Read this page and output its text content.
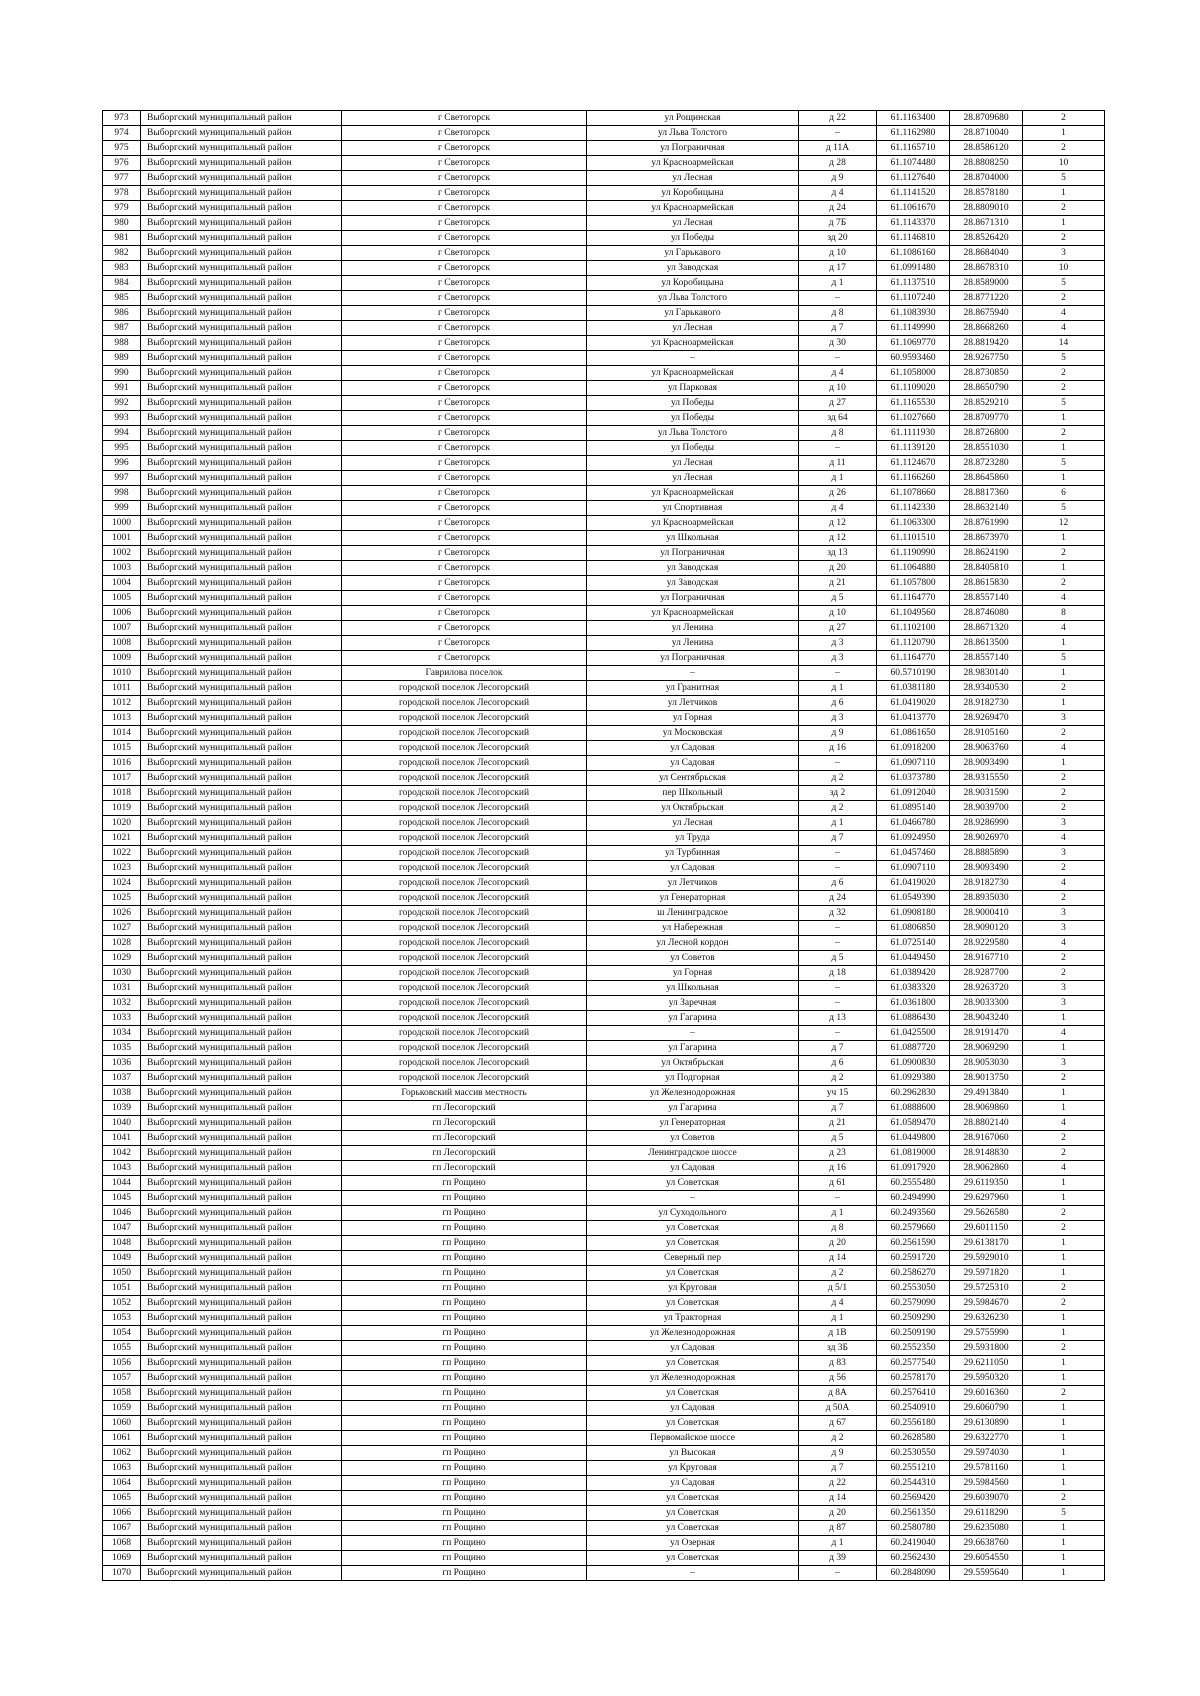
973	Выборгский муниципальный район	г Светогорск	ул Рощинская	д 22	61.1163400	28.8709680	2
974	Выборгский муниципальный район	г Светогорск	ул Льва Толстого	–	61.1162980	28.8710040	1
975	Выборгский муниципальный район	г Светогорск	ул Пограничная	д 11А	61.1165710	28.8586120	2
976	Выборгский муниципальный район	г Светогорск	ул Красноармейская	д 28	61.1074480	28.8808250	10
977	Выборгский муниципальный район	г Светогорск	ул Лесная	д 9	61.1127640	28.8704000	5
978	Выборгский муниципальный район	г Светогорск	ул Коробицына	д 4	61.1141520	28.8578180	1
979	Выборгский муниципальный район	г Светогорск	ул Красноармейская	д 24	61.1061670	28.8809010	2
980	Выборгский муниципальный район	г Светогорск	ул Лесная	д 7Б	61.1143370	28.8671310	1
981	Выборгский муниципальный район	г Светогорск	ул Победы	зд 20	61.1146810	28.8526420	2
982	Выборгский муниципальный район	г Светогорск	ул Гарькавого	д 10	61.1086160	28.8684040	3
983	Выборгский муниципальный район	г Светогорск	ул Заводская	д 17	61.0991480	28.8678310	10
984	Выборгский муниципальный район	г Светогорск	ул Коробицына	д 1	61.1137510	28.8589000	5
985	Выборгский муниципальный район	г Светогорск	ул Льва Толстого	–	61.1107240	28.8771220	2
986	Выборгский муниципальный район	г Светогорск	ул Гарькавого	д 8	61.1083930	28.8675940	4
987	Выборгский муниципальный район	г Светогорск	ул Лесная	д 7	61.1149990	28.8668260	4
988	Выборгский муниципальный район	г Светогорск	ул Красноармейская	д 30	61.1069770	28.8819420	14
989	Выборгский муниципальный район	г Светогорск	–	–	60.9593460	28.9267750	5
990	Выборгский муниципальный район	г Светогорск	ул Красноармейская	д 4	61.1058000	28.8730850	2
991	Выборгский муниципальный район	г Светогорск	ул Парковая	д 10	61.1109020	28.8650790	2
992	Выборгский муниципальный район	г Светогорск	ул Победы	д 27	61.1165530	28.8529210	5
993	Выборгский муниципальный район	г Светогорск	ул Победы	зд 64	61.1027660	28.8709770	1
994	Выборгский муниципальный район	г Светогорск	ул Льва Толстого	д 8	61.1111930	28.8726800	2
995	Выборгский муниципальный район	г Светогорск	ул Победы	–	61.1139120	28.8551030	1
996	Выборгский муниципальный район	г Светогорск	ул Лесная	д 11	61.1124670	28.8723280	5
997	Выборгский муниципальный район	г Светогорск	ул Лесная	д 1	61.1166260	28.8645860	1
998	Выборгский муниципальный район	г Светогорск	ул Красноармейская	д 26	61.1078660	28.8817360	6
999	Выборгский муниципальный район	г Светогорск	ул Спортивная	д 4	61.1142330	28.8632140	5
1000	Выборгский муниципальный район	г Светогорск	ул Красноармейская	д 12	61.1063300	28.8761990	12
1001	Выборгский муниципальный район	г Светогорск	ул Школьная	д 12	61.1101510	28.8673970	1
1002	Выборгский муниципальный район	г Светогорск	ул Пограничная	зд 13	61.1190990	28.8624190	2
1003	Выборгский муниципальный район	г Светогорск	ул Заводская	д 20	61.1064880	28.8405810	1
1004	Выборгский муниципальный район	г Светогорск	ул Заводская	д 21	61.1057800	28.8615830	2
1005	Выборгский муниципальный район	г Светогорск	ул Пограничная	д 5	61.1164770	28.8557140	4
1006	Выборгский муниципальный район	г Светогорск	ул Красноармейская	д 10	61.1049560	28.8746080	8
1007	Выборгский муниципальный район	г Светогорск	ул Ленина	д 27	61.1102100	28.8671320	4
1008	Выборгский муниципальный район	г Светогорск	ул Ленина	д 3	61.1120790	28.8613500	1
1009	Выборгский муниципальный район	г Светогорск	ул Пограничная	д 3	61.1164770	28.8557140	5
1010	Выборгский муниципальный район	Гаврилова поселок	–	–	60.5710190	28.9830140	1
1011	Выборгский муниципальный район	городской поселок Лесогорский	ул Гранитная	д 1	61.0381180	28.9340530	2
1012	Выборгский муниципальный район	городской поселок Лесогорский	ул Летчиков	д 6	61.0419020	28.9182730	1
1013	Выборгский муниципальный район	городской поселок Лесогорский	ул Горная	д 3	61.0413770	28.9269470	3
1014	Выборгский муниципальный район	городской поселок Лесогорский	ул Московская	д 9	61.0861650	28.9105160	2
1015	Выборгский муниципальный район	городской поселок Лесогорский	ул Садовая	д 16	61.0918200	28.9063760	4
1016	Выборгский муниципальный район	городской поселок Лесогорский	ул Садовая	–	61.0907110	28.9093490	1
1017	Выборгский муниципальный район	городской поселок Лесогорский	ул Сентябрьская	д 2	61.0373780	28.9315550	2
1018	Выборгский муниципальный район	городской поселок Лесогорский	пер Школьный	зд 2	61.0912040	28.9031590	2
1019	Выборгский муниципальный район	городской поселок Лесогорский	ул Октябрьская	д 2	61.0895140	28.9039700	2
1020	Выборгский муниципальный район	городской поселок Лесогорский	ул Лесная	д 1	61.0466780	28.9286990	3
1021	Выборгский муниципальный район	городской поселок Лесогорский	ул Труда	д 7	61.0924950	28.9026970	4
1022	Выборгский муниципальный район	городской поселок Лесогорский	ул Турбинная	–	61.0457460	28.8885890	3
1023	Выборгский муниципальный район	городской поселок Лесогорский	ул Садовая	–	61.0907110	28.9093490	2
1024	Выборгский муниципальный район	городской поселок Лесогорский	ул Летчиков	д 6	61.0419020	28.9182730	4
1025	Выборгский муниципальный район	городской поселок Лесогорский	ул Генераторная	д 24	61.0549390	28.8935030	2
1026	Выборгский муниципальный район	городской поселок Лесогорский	ш Ленинградское	д 32	61.0908180	28.9000410	3
1027	Выборгский муниципальный район	городской поселок Лесогорский	ул Набережная	–	61.0806850	28.9090120	3
1028	Выборгский муниципальный район	городской поселок Лесогорский	ул Лесной кордон	–	61.0725140	28.9229580	4
1029	Выборгский муниципальный район	городской поселок Лесогорский	ул Советов	д 5	61.0449450	28.9167710	2
1030	Выборгский муниципальный район	городской поселок Лесогорский	ул Горная	д 18	61.0389420	28.9287700	2
1031	Выборгский муниципальный район	городской поселок Лесогорский	ул Школьная	–	61.0383320	28.9263720	3
1032	Выборгский муниципальный район	городской поселок Лесогорский	ул Заречная	–	61.0361800	28.9033300	3
1033	Выборгский муниципальный район	городской поселок Лесогорский	ул Гагарина	д 13	61.0886430	28.9043240	1
1034	Выборгский муниципальный район	городской поселок Лесогорский	–	–	61.0425500	28.9191470	4
1035	Выборгский муниципальный район	городской поселок Лесогорский	ул Гагарина	д 7	61.0887720	28.9069290	1
1036	Выборгский муниципальный район	городской поселок Лесогорский	ул Октябрьская	д 6	61.0900830	28.9053030	3
1037	Выборгский муниципальный район	городской поселок Лесогорский	ул Подгорная	д 2	61.0929380	28.9013750	2
1038	Выборгский муниципальный район	Горьковский массив местность	ул Железнодорожная	уч 15	60.2962830	29.4913840	1
1039	Выборгский муниципальный район	гп Лесогорский	ул Гагарина	д 7	61.0888600	28.9069860	1
1040	Выборгский муниципальный район	гп Лесогорский	ул Генераторная	д 21	61.0589470	28.8802140	4
1041	Выборгский муниципальный район	гп Лесогорский	ул Советов	д 5	61.0449800	28.9167060	2
1042	Выборгский муниципальный район	гп Лесогорский	Ленинградское шоссе	д 23	61.0819000	28.9148830	2
1043	Выборгский муниципальный район	гп Лесогорский	ул Садовая	д 16	61.0917920	28.9062860	4
1044	Выборгский муниципальный район	гп Рощино	ул Советская	д 61	60.2555480	29.6119350	1
1045	Выборгский муниципальный район	гп Рощино	–	–	60.2494990	29.6297960	1
1046	Выборгский муниципальный район	гп Рощино	ул Суходольного	д 1	60.2493560	29.5626580	2
1047	Выборгский муниципальный район	гп Рощино	ул Советская	д 8	60.2579660	29.6011150	2
1048	Выборгский муниципальный район	гп Рощино	ул Советская	д 20	60.2561590	29.6138170	1
1049	Выборгский муниципальный район	гп Рощино	Северный пер	д 14	60.2591720	29.5929010	1
1050	Выборгский муниципальный район	гп Рощино	ул Советская	д 2	60.2586270	29.5971820	1
1051	Выборгский муниципальный район	гп Рощино	ул Круговая	д 5/1	60.2553050	29.5725310	2
1052	Выборгский муниципальный район	гп Рощино	ул Советская	д 4	60.2579090	29.5984670	2
1053	Выборгский муниципальный район	гп Рощино	ул Тракторная	д 1	60.2509290	29.6326230	1
1054	Выборгский муниципальный район	гп Рощино	ул Железнодорожная	д 1В	60.2509190	29.5755990	1
1055	Выборгский муниципальный район	гп Рощино	ул Садовая	зд 3Б	60.2552350	29.5931800	2
1056	Выборгский муниципальный район	гп Рощино	ул Советская	д 83	60.2577540	29.6211050	1
1057	Выборгский муниципальный район	гп Рощино	ул Железнодорожная	д 56	60.2578170	29.5950320	1
1058	Выборгский муниципальный район	гп Рощино	ул Советская	д 8А	60.2576410	29.6016360	2
1059	Выборгский муниципальный район	гп Рощино	ул Садовая	д 50А	60.2540910	29.6060790	1
1060	Выборгский муниципальный район	гп Рощино	ул Советская	д 67	60.2556180	29.6130890	1
1061	Выборгский муниципальный район	гп Рощино	Первомайское шоссе	д 2	60.2628580	29.6322770	1
1062	Выборгский муниципальный район	гп Рощино	ул Высокая	д 9	60.2530550	29.5974030	1
1063	Выборгский муниципальный район	гп Рощино	ул Круговая	д 7	60.2551210	29.5781160	1
1064	Выборгский муниципальный район	гп Рощино	ул Садовая	д 22	60.2544310	29.5984560	1
1065	Выборгский муниципальный район	гп Рощино	ул Советская	д 14	60.2569420	29.6039070	2
1066	Выборгский муниципальный район	гп Рощино	ул Советская	д 20	60.2561350	29.6118290	5
1067	Выборгский муниципальный район	гп Рощино	ул Советская	д 87	60.2580780	29.6235080	1
1068	Выборгский муниципальный район	гп Рощино	ул Озерная	д 1	60.2419040	29.6638760	1
1069	Выборгский муниципальный район	гп Рощино	ул Советская	д 39	60.2562430	29.6054550	1
1070	Выборгский муниципальный район	гп Рощино	–	–	60.2848090	29.5595640	1
